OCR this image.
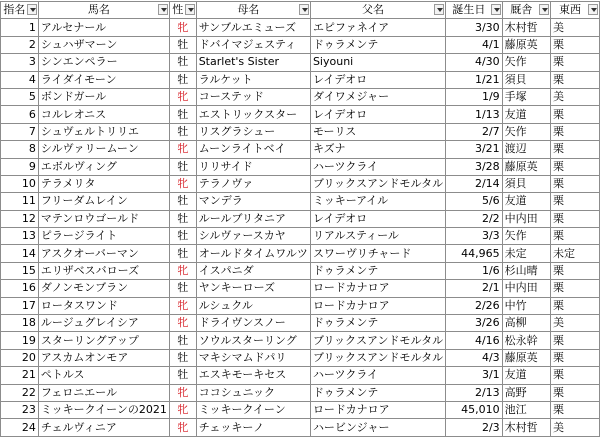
指名	馬名	性	母名	父名	誕生日	厩舎	東西

1	アルセナール	牝	サンブルエミューズ	エピファネイア	3/30	木村哲	美
2	シュハザマーン	牡	ドバイマジェスティ	ドゥラメンテ	4/1	藤原英	栗
3	シンエンペラー	牡	Starlet's Sister	Siyouni	4/30	矢作	栗
4	ライダイモーン	牡	ラルケット	レイデオロ	1/21	須貝	栗
5	ボンドガール	牝	コーステッド	ダイワメジャー	1/9	手塚	美
6	コルレオニス	牡	エストリックスター	レイデオロ	1/13	友道	栗
7	シュヴェルトリリエ	牡	リスグラシュー	モーリス	2/7	矢作	栗
8	シルヴァリームーン	牝	ムーンライトベイ	キズナ	3/21	渡辺	栗
9	エボルヴィング	牡	リリサイド	ハーツクライ	3/28	藤原英	栗
10	テラメリタ	牝	テラノヴァ	ブリックスアンドモルタル	2/14	須貝	栗
11	フリーダムレイン	牡	マンデラ	ミッキーアイル	5/6	友道	栗
12	マテンロウゴールド	牡	ルールブリタニア	レイデオロ	2/2	中内田	栗
13	ピラージライト	牡	シルヴァースカヤ	リアルスティール	3/3	矢作	栗
14	アスクオーバーマン	牡	オールドタイムワルツ	スワーヴリチャード	44,965	未定	未定
15	エリザベスバローズ	牝	イスパニダ	ドゥラメンテ	1/6	杉山晴	栗
16	ダノンモンブラン	牡	ヤンキーローズ	ロードカナロア	2/1	中内田	栗
17	ロータスワンド	牝	ルシュクル	ロードカナロア	2/26	中竹	栗
18	ルージュグレイシア	牝	ドライヴンスノー	ドゥラメンテ	3/26	高柳	美
19	スターリングアップ	牡	ソウルスターリング	ブリックスアンドモルタル	4/16	松永幹	栗
20	アスカムオンモア	牡	マキシマムドパリ	ブリックスアンドモルタル	4/3	藤原英	栗
21	ペトルス	牡	エスキモーキセス	ハーツクライ	3/1	友道	栗
22	フェロニエール	牝	ココシュニック	ドゥラメンテ	2/13	高野	栗
23	ミッキークイーンの2021	牝	ミッキークイーン	ロードカナロア	45,010	池江	栗
24	チェルヴィニア	牝	チェッキーノ	ハービンジャー	2/3	木村哲	美
